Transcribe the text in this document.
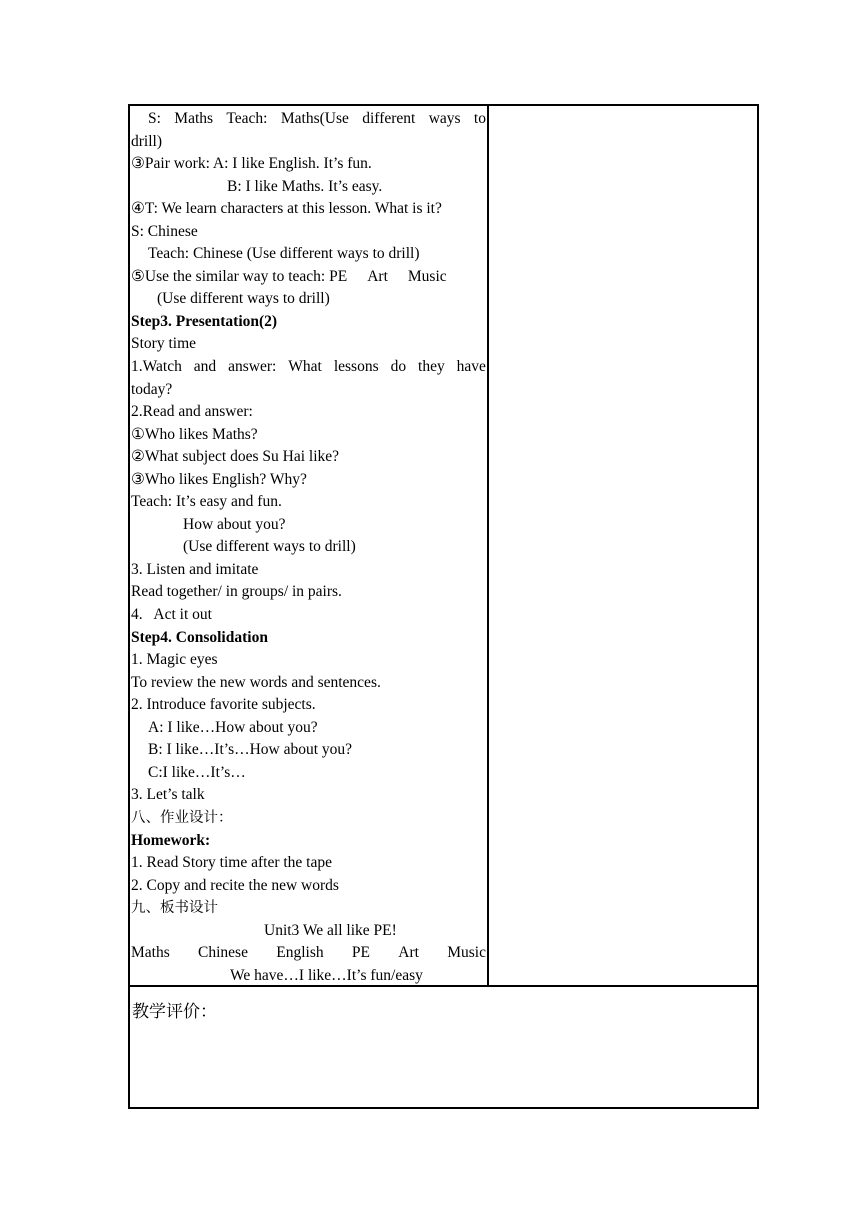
S: Maths Teach: Maths(Use different ways to
drill)
③Pair work: A: I like English. It’s fun.
B: I like Maths. It’s easy.
④T: We learn characters at this lesson. What is it?
S: Chinese
Teach: Chinese (Use different ways to drill)
⑤Use the similar way to teach: PE Art Music
(Use different ways to drill)
Step3. Presentation(2)
Story time
1.Watch and answer: What lessons do they have
today?
2.Read and answer:
①Who likes Maths?
②What subject does Su Hai like?
③Who likes English? Why?
Teach: It’s easy and fun.
How about you?
(Use different ways to drill)
3. Listen and imitate
Read together/ in groups/ in pairs.
4.   Act it out
Step4. Consolidation
1. Magic eyes
To review the new words and sentences.
2. Introduce favorite subjects.
A: I like…How about you?
B: I like…It’s…How about you?
C:I like…It’s…
3. Let’s talk
八、作业设计：
Homework:
1. Read Story time after the tape
2. Copy and recite the new words
九、板书设计
Unit3 We all like PE!
Maths Chinese English PE Art Music
We have…I like…It’s fun/easy
教学评价：
